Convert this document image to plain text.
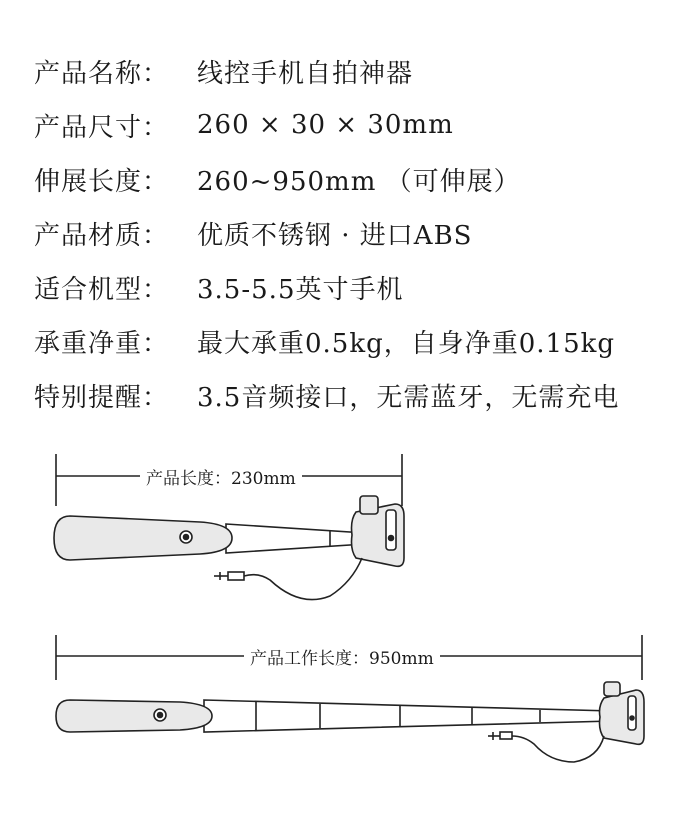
产品名称：	线控手机自拍神器
产品尺寸：	260 × 30 × 30mm
伸展长度：	260~950mm （可伸展）
产品材质：	优质不锈钢 · 进口ABS
适合机型：	3.5-5.5英寸手机
承重净重：	最大承重0.5kg，自身净重0.15kg
特别提醒：	3.5音频接口，无需蓝牙，无需充电
产品长度：230mm
产品工作长度：950mm
